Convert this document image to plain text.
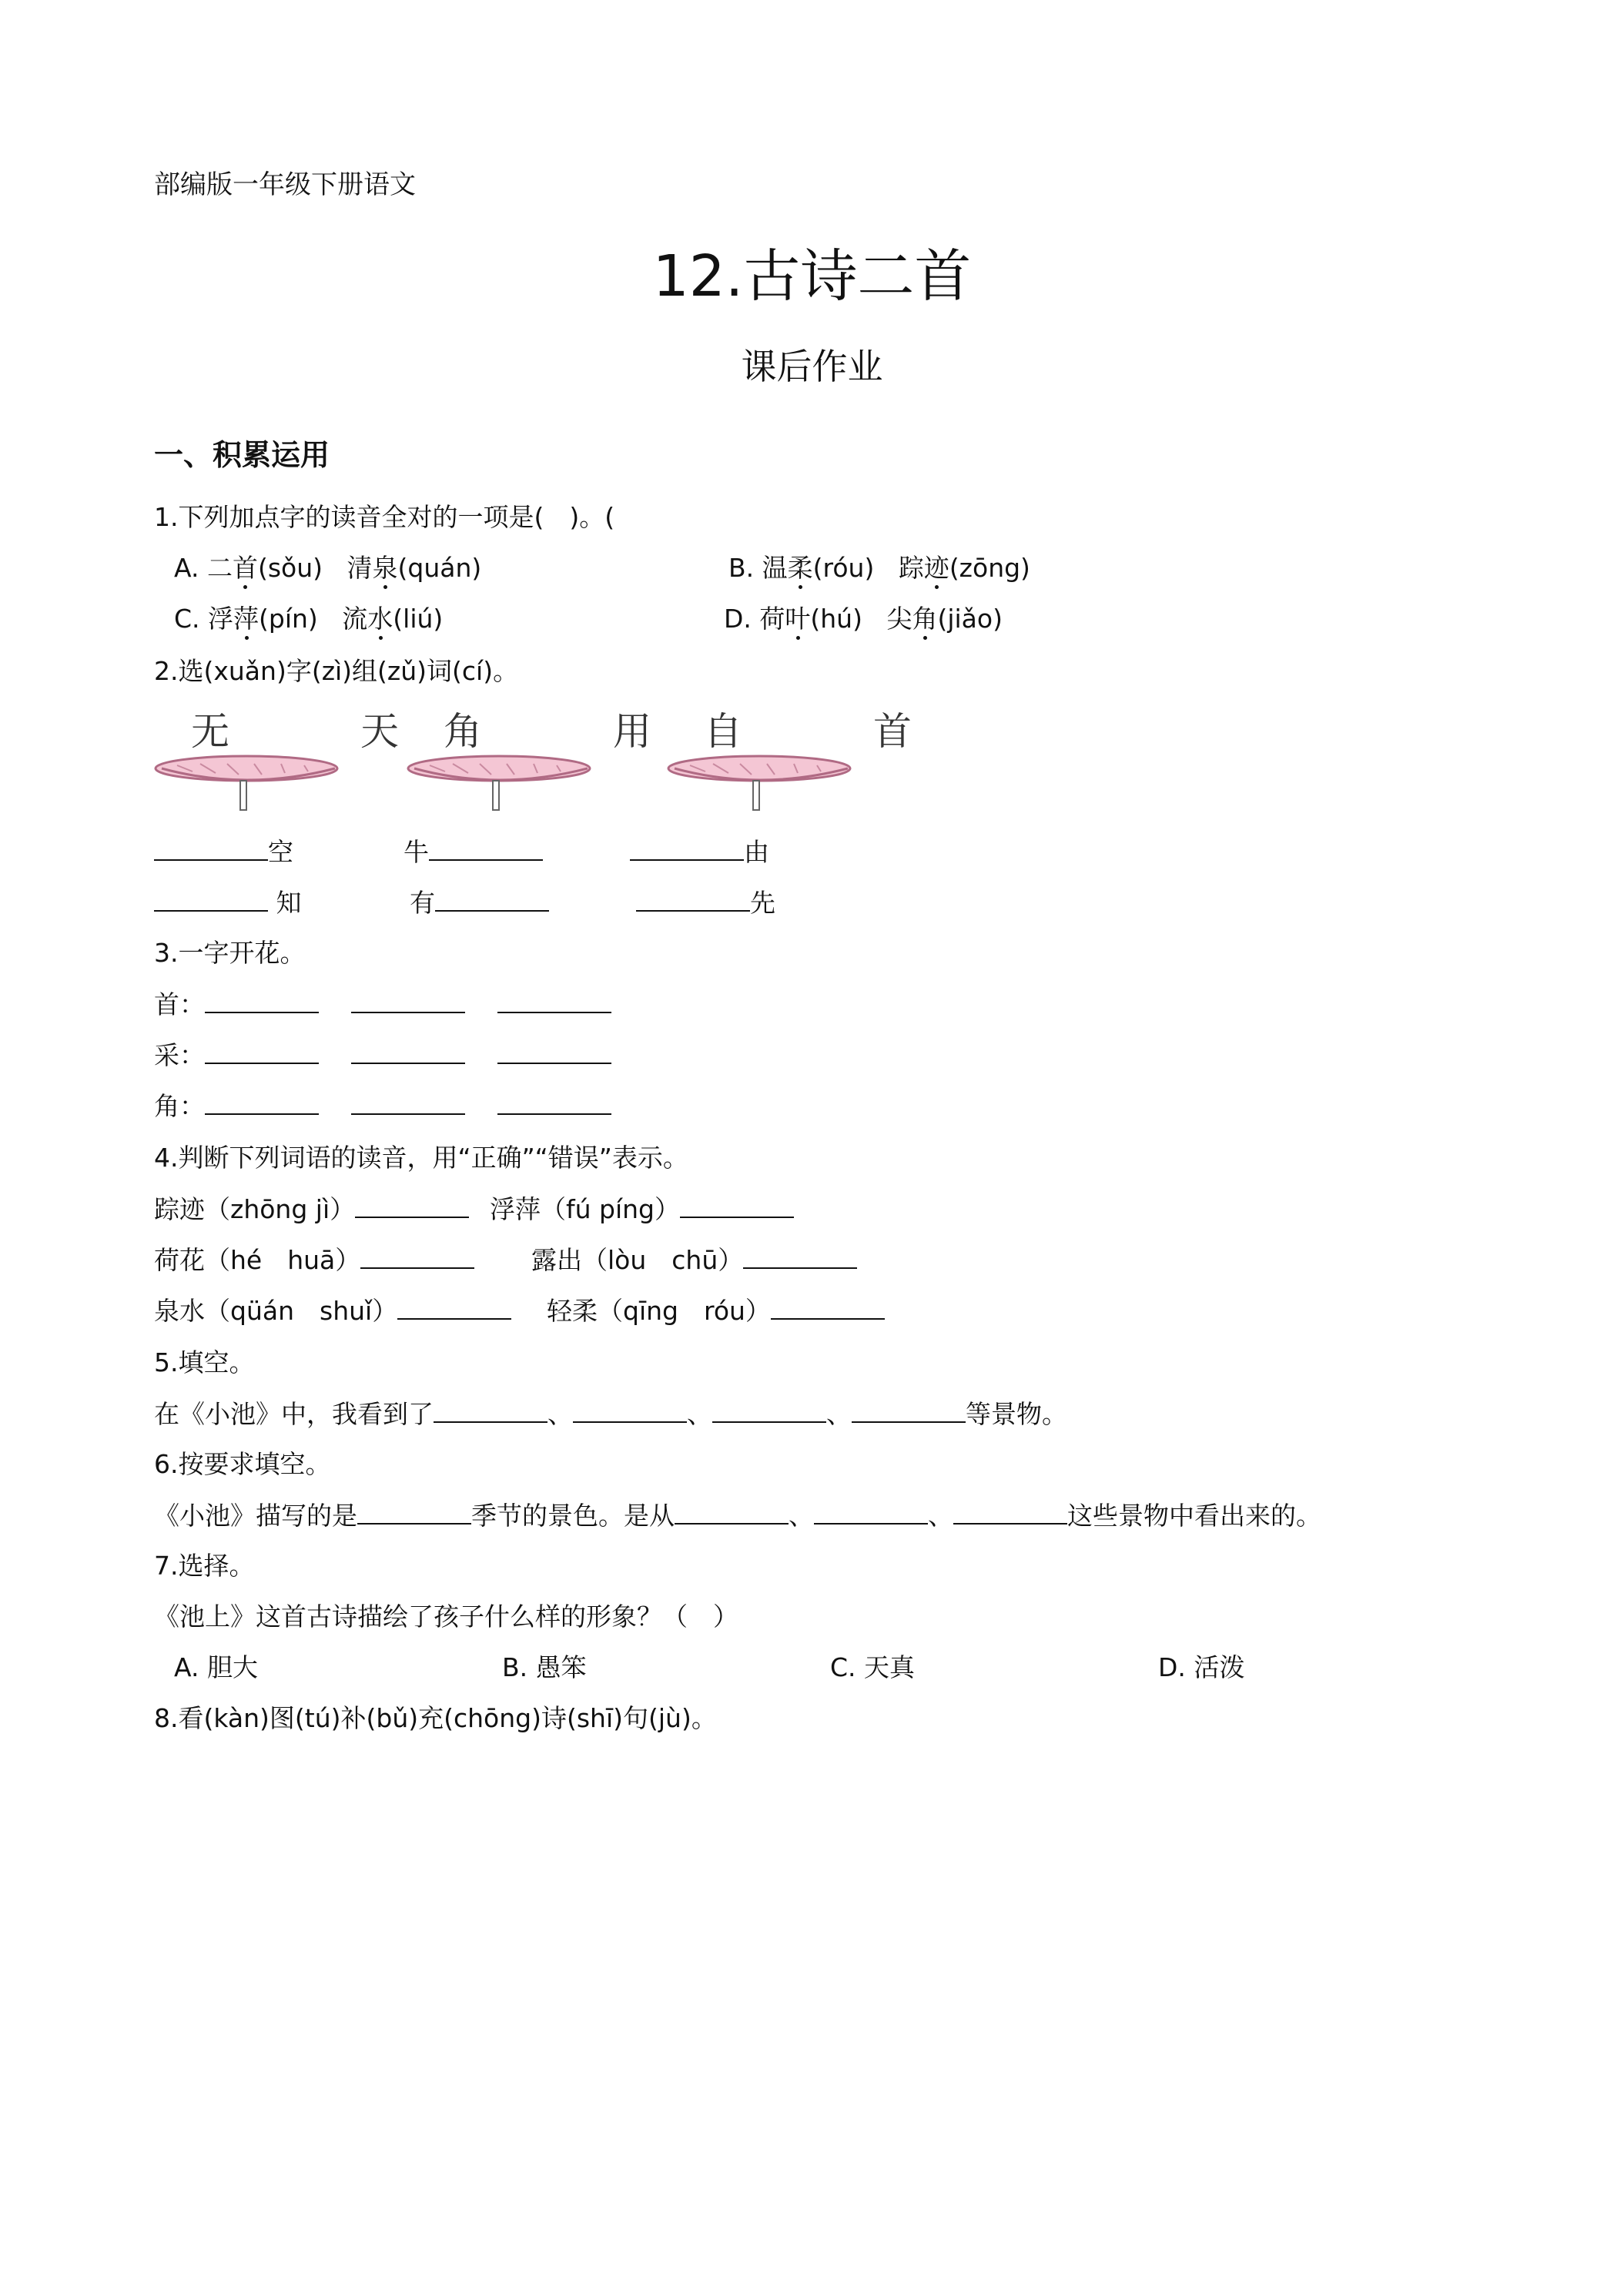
部编版一年级下册语文
12.古诗二首
课后作业
一、积累运用
1.下列加点字的读音全对的一项是(　)。(
A. 二首(sǒu) 清泉(quán)	B. 温柔(róu) 踪迹(zōng)
C. 浮萍(pín) 流水(liú)	D. 荷叶(hú) 尖角(jiǎo)
2.选(xuǎn)字(zì)组(zǔ)词(cí)。
无　天
角　用 自　首
空	牛	由
知	有	先
3.一字开花。
首：
采：
角：
4.判断下列词语的读音，用“正确”“错误”表示。
踪迹（zhōng jì）	浮萍（fú píng）
荷花（hé　huā）	露出（lòu　chū）
泉水（qüán　shuǐ）	轻柔（qīng　róu）
5.填空。
在《小池》中，我看到了	、	、	、	等景物。
6.按要求填空。
《小池》描写的是	季节的景色。是从	、	、	这些景物中看出来的。
7.选择。
《池上》这首古诗描绘了孩子什么样的形象？（　）
A. 胆大	B. 愚笨	C. 天真	D. 活泼
8.看(kàn)图(tú)补(bǔ)充(chōng)诗(shī)句(jù)。
